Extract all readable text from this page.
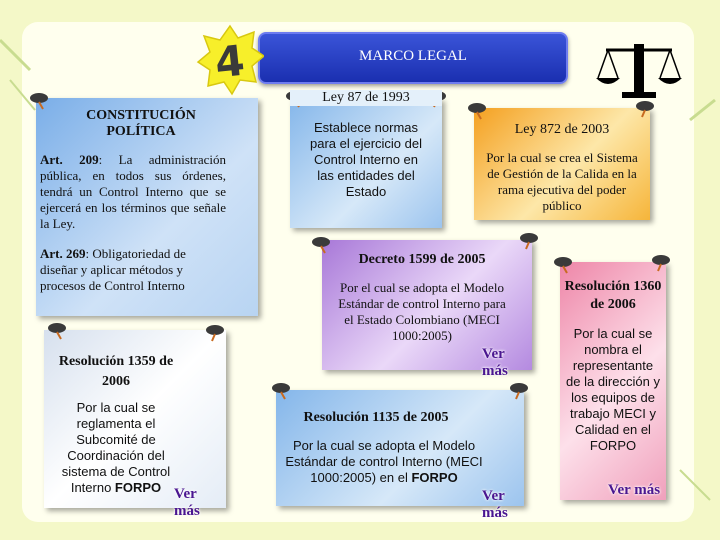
MARCO LEGAL
4
CONSTITUCIÓN POLÍTICA
Art. 209: La administración pública, en todos sus órdenes, tendrá un Control Interno que se ejercerá en los términos que señale la Ley.
Art. 269: Obligatoriedad de diseñar y aplicar métodos y procesos de Control Interno
Ley 87 de 1993
Establece normas para el ejercicio del Control Interno en las entidades del Estado
Ley 872 de 2003
Por la cual se crea el Sistema de Gestión de la Calida en la rama ejecutiva del poder público
Decreto 1599 de 2005
Por el cual se adopta el Modelo Estándar de control Interno para el Estado Colombiano (MECI 1000:2005)
Ver más
Resolución 1359 de 2006
Por la cual se reglamenta el Subcomité de Coordinación del sistema de Control Interno FORPO Ver más
Resolución 1135 de 2005
Por la cual se adopta el Modelo Estándar de control Interno (MECI 1000:2005) en el FORPO
Ver más
Resolución 1360 de 2006
Por la cual se nombra el representante de la dirección y los equipos de trabajo MECI y Calidad en el FORPO
Ver más
